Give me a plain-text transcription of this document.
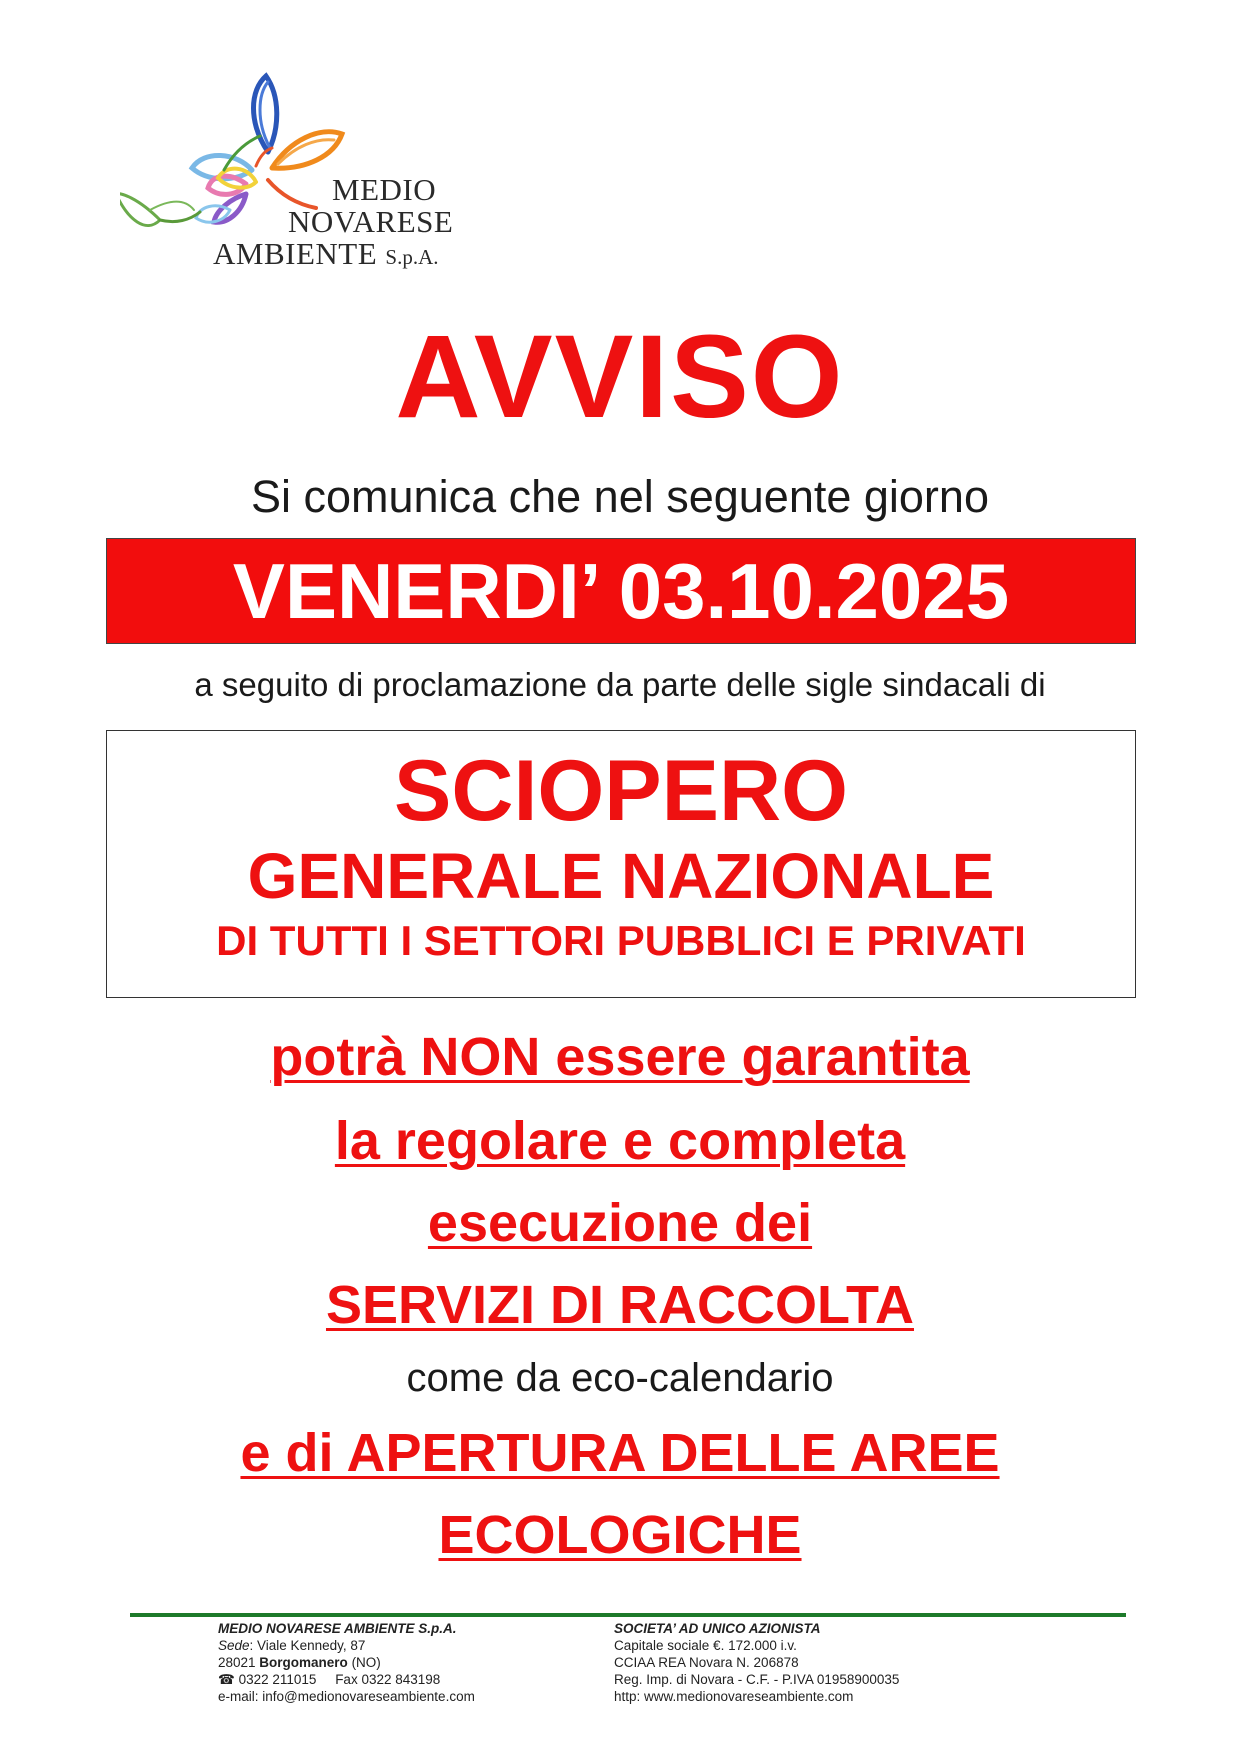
MEDIO
NOVARESE
AMBIENTE S.p.A.
AVVISO
Si comunica che nel seguente giorno
VENERDI’ 03.10.2025
a seguito di proclamazione da parte delle sigle sindacali di
SCIOPERO
GENERALE NAZIONALE
DI TUTTI I SETTORI PUBBLICI E PRIVATI
potrà NON essere garantita
la regolare e completa
esecuzione dei
SERVIZI DI RACCOLTA
come da eco-calendario
e di APERTURA DELLE AREE
ECOLOGICHE
MEDIO NOVARESE AMBIENTE S.p.A.
Sede: Viale Kennedy, 87
28021 Borgomanero (NO)
☎ 0322 211015 Fax 0322 843198
e-mail: info@medionovareseambiente.com
SOCIETA’ AD UNICO AZIONISTA
Capitale sociale €. 172.000 i.v.
CCIAA REA Novara N. 206878
Reg. Imp. di Novara - C.F. - P.IVA 01958900035
http: www.medionovareseambiente.com
